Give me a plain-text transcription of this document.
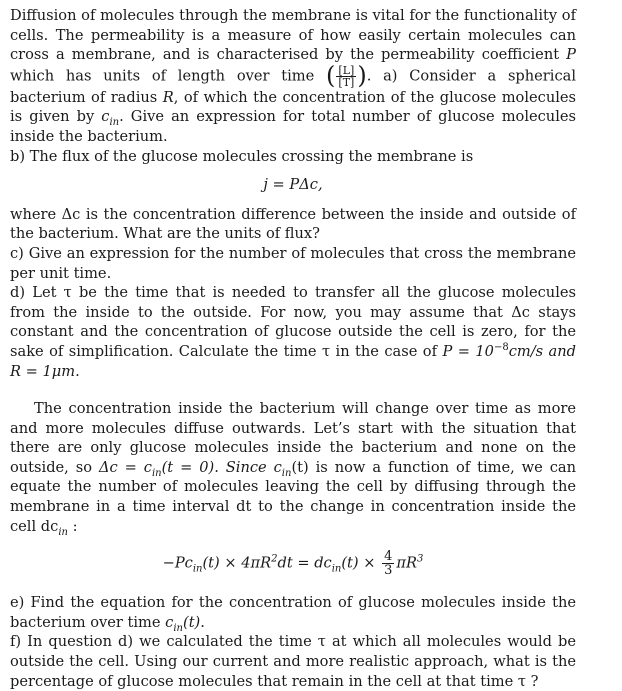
Diffusion of molecules through the membrane is vital for the functionality of cells. The permeability is a measure of how easily certain molecules can cross a membrane, and is characterised by the permeability coefficient P which has units of length over time ( $\frac{[L]}{[T]}$ ). a) Consider a spherical bacterium of radius R, of which the concentration of the glucose molecules is given by $c_{in}$. Give an expression for total number of glucose molecules inside the bacterium.

b) The flux of the glucose molecules crossing the membrane is

j = PΔc,

where Δc is the concentration difference between the inside and outside of the bacterium. What are the units of flux?

c) Give an expression for the number of molecules that cross the membrane per unit time.

d) Let τ be the time that is needed to transfer all the glucose molecules from the inside to the outside. For now, you may assume that Δc stays constant and the concentration of glucose outside the cell is zero, for the sake of simplification. Calculate the time τ in the case of $P = 10^{-8}cm/s$ and R = 1μm.

The concentration inside the bacterium will change over time as more and more molecules diffuse outwards. Let’s start with the situation that there are only glucose molecules inside the bacterium and none on the outside, so $\Delta c = c_{in}(t = 0)$. Since $c_{in}(t)$ is now a function of time, we can equate the number of molecules leaving the cell by diffusing through the membrane in a time interval dt to the change in concentration inside the cell $dc_{in}$ :

$-Pc_{in}(t) \times 4\pi R^2dt = dc_{in}(t) \times \frac{4}{3} \pi R^3$

e) Find the equation for the concentration of glucose molecules inside the bacterium over time $c_{in}(t)$.

f) In question d) we calculated the time τ at which all molecules would be outside the cell. Using our current and more realistic approach, what is the percentage of glucose molecules that remain in the cell at that time τ ?
